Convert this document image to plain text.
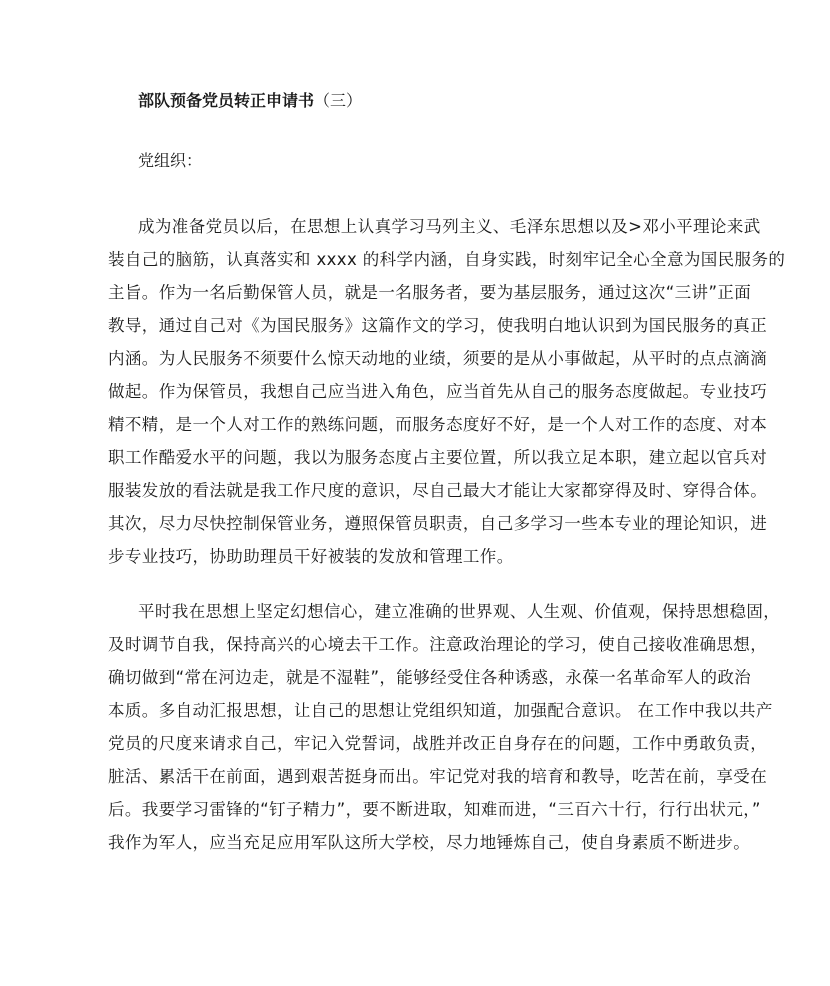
部队预备党员转正申请书（三）
党组织：
成为准备党员以后，在思想上认真学习马列主义、毛泽东思想以及>邓小平理论来武
装自己的脑筋，认真落实和 xxxx 的科学内涵，自身实践，时刻牢记全心全意为国民服务的
主旨。作为一名后勤保管人员，就是一名服务者，要为基层服务，通过这次“三讲”正面
教导，通过自己对《为国民服务》这篇作文的学习，使我明白地认识到为国民服务的真正
内涵。为人民服务不须要什么惊天动地的业绩，须要的是从小事做起，从平时的点点滴滴
做起。作为保管员，我想自己应当进入角色，应当首先从自己的服务态度做起。专业技巧
精不精，是一个人对工作的熟练问题，而服务态度好不好，是一个人对工作的态度、对本
职工作酷爱水平的问题，我以为服务态度占主要位置，所以我立足本职，建立起以官兵对
服装发放的看法就是我工作尺度的意识，尽自己最大才能让大家都穿得及时、穿得合体。
其次，尽力尽快控制保管业务，遵照保管员职责，自己多学习一些本专业的理论知识，进
步专业技巧，协助助理员干好被装的发放和管理工作。
平时我在思想上坚定幻想信心，建立准确的世界观、人生观、价值观，保持思想稳固，
及时调节自我，保持高兴的心境去干工作。注意政治理论的学习，使自己接收准确思想，
确切做到“常在河边走，就是不湿鞋”，能够经受住各种诱惑，永葆一名革命军人的政治
本质。多自动汇报思想，让自己的思想让党组织知道，加强配合意识。 在工作中我以共产
党员的尺度来请求自己，牢记入党誓词，战胜并改正自身存在的问题，工作中勇敢负责，
脏活、累活干在前面，遇到艰苦挺身而出。牢记党对我的培育和教导，吃苦在前，享受在
后。我要学习雷锋的“钉子精力”，要不断进取，知难而进，“三百六十行，行行出状元，”
我作为军人，应当充足应用军队这所大学校，尽力地锤炼自己，使自身素质不断进步。
